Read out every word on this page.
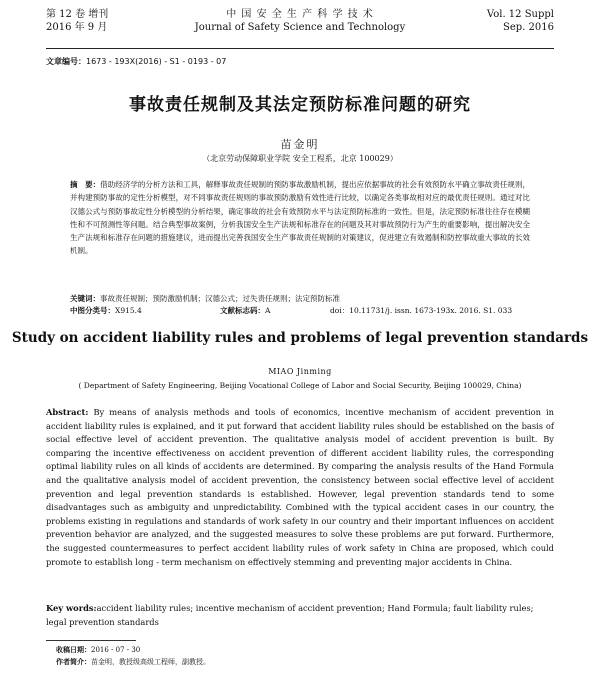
第 12 卷 增刊
2016 年 9 月
中 国 安 全 生 产 科 学 技 术
Journal of Safety Science and Technology
Vol. 12 Suppl
Sep. 2016
文章编号：1673 - 193X(2016) - S1 - 0193 - 07
事故责任规制及其法定预防标准问题的研究
苗金明
（北京劳动保障职业学院 安全工程系，北京 100029）
摘　要：借助经济学的分析方法和工具，解释事故责任规制的预防事故激励机制，提出应依据事故的社会有效预防水平确立事故责任规则，并构建预防事故的定性分析模型，对不同事故责任规则的事故预防激励有效性进行比较，以确定各类事故相对应的最优责任规则。通过对比汉德公式与预防事故定性分析模型的分析结果，确定事故的社会有效预防水平与法定预防标准的一致性。但是，法定预防标准往往存在模糊性和不可预测性等问题。结合典型事故案例，分析我国安全生产法规和标准存在的问题及其对事故预防行为产生的重要影响，提出解决安全生产法规和标准存在问题的措施建议，进而提出完善我国安全生产事故责任规制的对策建议，促进建立有效遏制和防控事故重大事故的长效机制。
关键词：事故责任规制；预防激励机制；汉德公式；过失责任规则；法定预防标准
中图分类号：X915.4	文献标志码：A	doi：10.11731/j. issn. 1673-193x. 2016. S1. 033
Study on accident liability rules and problems of legal prevention standards
MIAO Jinming
( Department of Safety Engineering, Beijing Vocational College of Labor and Social Security, Beijing 100029, China)
Abstract: By means of analysis methods and tools of economics, incentive mechanism of accident prevention in accident liability rules is explained, and it put forward that accident liability rules should be established on the basis of social effective level of accident prevention. The qualitative analysis model of accident prevention is built. By comparing the incentive effectiveness on accident prevention of different accident liability rules, the corresponding optimal liability rules on all kinds of accidents are determined. By comparing the analysis results of the Hand Formula and the qualitative analysis model of accident prevention, the consistency between social effective level of accident prevention and legal prevention standards is established. However, legal prevention standards tend to some disadvantages such as ambiguity and unpredictability. Combined with the typical accident cases in our country, the problems existing in regulations and standards of work safety in our country and their important influences on accident prevention behavior are analyzed, and the suggested measures to solve these problems are put forward. Furthermore, the suggested countermeasures to perfect accident liability rules of work safety in China are proposed, which could promote to establish long - term mechanism on effectively stemming and preventing major accidents in China.
Key words:accident liability rules; incentive mechanism of accident prevention; Hand Formula; fault liability rules; legal prevention standards
收稿日期：2016 - 07 - 30
作者简介：苗金明，教授级高级工程师，副教授。
